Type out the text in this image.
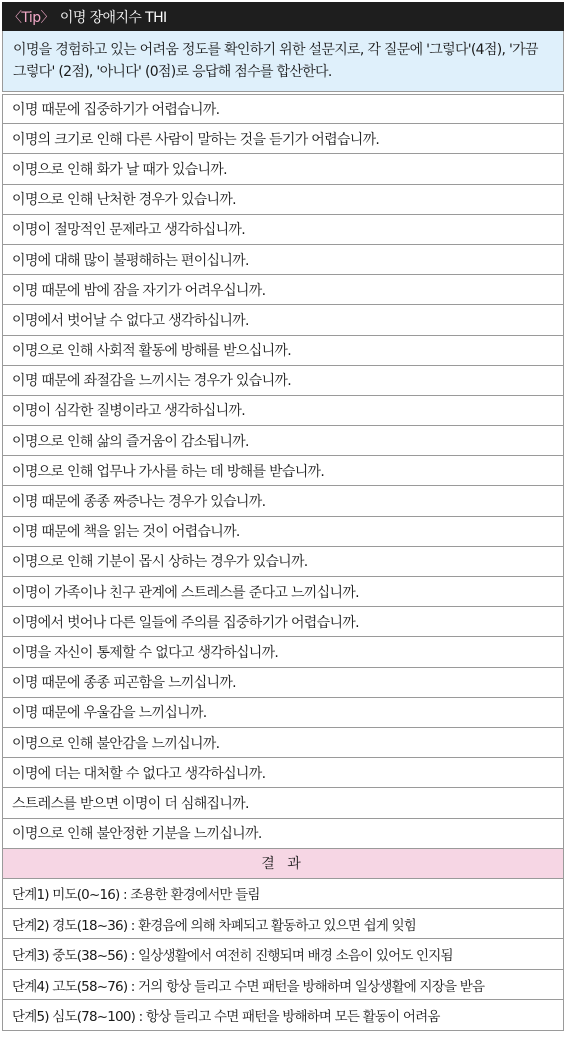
〈Tip〉 이명 장애지수 THI

이명을 경험하고 있는 어려움 정도를 확인하기 위한 설문지로, 각 질문에 '그렇다'(4점), '가끔 그렇다' (2점), '아니다' (0점)로 응답해 점수를 합산한다.

이명 때문에 집중하기가 어렵습니까.
이명의 크기로 인해 다른 사람이 말하는 것을 듣기가 어렵습니까.
이명으로 인해 화가 날 때가 있습니까.
이명으로 인해 난처한 경우가 있습니까.
이명이 절망적인 문제라고 생각하십니까.
이명에 대해 많이 불평해하는 편이십니까.
이명 때문에 밤에 잠을 자기가 어려우십니까.
이명에서 벗어날 수 없다고 생각하십니까.
이명으로 인해 사회적 활동에 방해를 받으십니까.
이명 때문에 좌절감을 느끼시는 경우가 있습니까.
이명이 심각한 질병이라고 생각하십니까.
이명으로 인해 삶의 즐거움이 감소됩니까.
이명으로 인해 업무나 가사를 하는 데 방해를 받습니까.
이명 때문에 종종 짜증나는 경우가 있습니까.
이명 때문에 책을 읽는 것이 어렵습니까.
이명으로 인해 기분이 몹시 상하는 경우가 있습니까.
이명이 가족이나 친구 관계에 스트레스를 준다고 느끼십니까.
이명에서 벗어나 다른 일들에 주의를 집중하기가 어렵습니까.
이명을 자신이 통제할 수 없다고 생각하십니까.
이명 때문에 종종 피곤함을 느끼십니까.
이명 때문에 우울감을 느끼십니까.
이명으로 인해 불안감을 느끼십니까.
이명에 더는 대처할 수 없다고 생각하십니까.
스트레스를 받으면 이명이 더 심해집니까.
이명으로 인해 불안정한 기분을 느끼십니까.
결 과
단계1) 미도(0~16) : 조용한 환경에서만 들림
단계2) 경도(18~36) : 환경음에 의해 차폐되고 활동하고 있으면 쉽게 잊힘
단계3) 중도(38~56) : 일상생활에서 여전히 진행되며 배경 소음이 있어도 인지됨
단계4) 고도(58~76) : 거의 항상 들리고 수면 패턴을 방해하며 일상생활에 지장을 받음
단계5) 심도(78~100) : 항상 들리고 수면 패턴을 방해하며 모든 활동이 어려움
